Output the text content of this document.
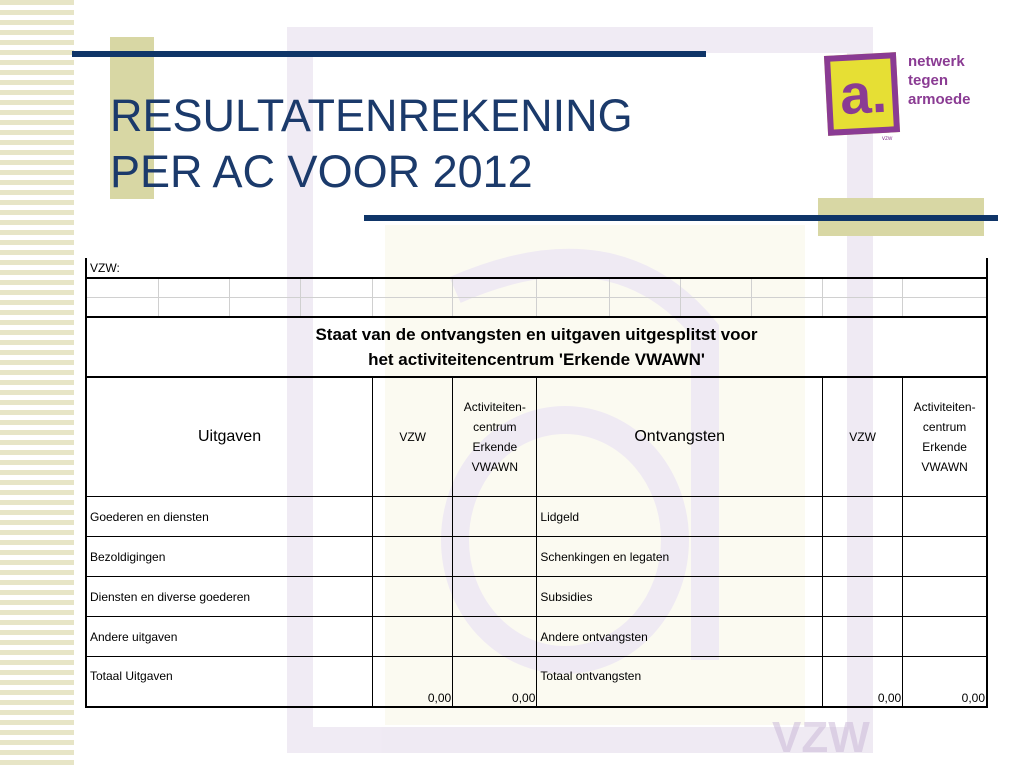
VZW
RESULTATENREKENING
PER AC VOOR 2012
a. netwerk
tegen
armoede
vzw
VZW:											

Staat van de ontvangsten en uitgaven uitgesplitst voor
het activiteitencentrum 'Erkende VWAWN'											

Uitgaven				VZW	Activiteiten-
centrum
Erkende
VWAWN	Ontvangsten				VZW	Activiteiten-
centrum
Erkende
VWAWN

Goederen en diensten						Lidgeld					
Bezoldigingen						Schenkingen en legaten					
Diensten en diverse goederen						Subsidies					
Andere uitgaven						Andere ontvangsten					
Totaal Uitgaven				0,00	0,00	Totaal ontvangsten				0,00	0,00
